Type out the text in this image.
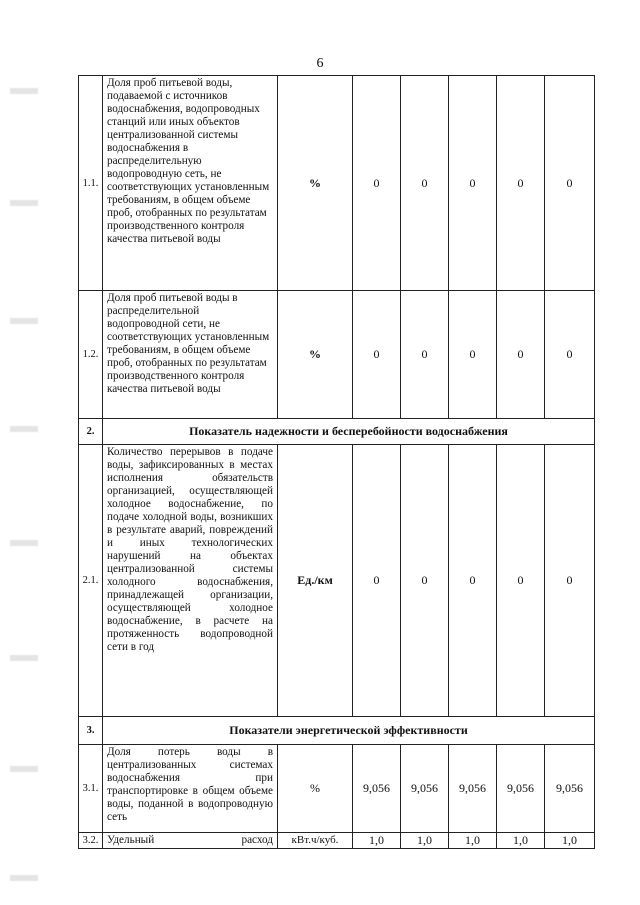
6
1.1.	Доля проб питьевой воды, подаваемой с источников водоснабжения, водопроводных станций или иных объектов централизованной системы водоснабжения в распределительную водопроводную сеть, не соответствующих установленным требованиям, в общем объеме проб, отобранных по результатам производственного контроля качества питьевой воды	%	0	0	0	0	0
1.2.	Доля проб питьевой воды в распределительной водопроводной сети, не соответствующих установленным требованиям, в общем объеме проб, отобранных по результатам производственного контроля качества питьевой воды	%	0	0	0	0	0
2.	Показатель надежности и бесперебойности водоснабжения						
2.1.	Количество перерывов в подаче воды, зафиксированных в местах исполнения обязательств организацией, осуществляющей холодное водоснабжение, по подаче холодной воды, возникших в результате аварий, повреждений и иных технологических нарушений на объектах централизованной системы холодного водоснабжения, принадлежащей организации, осуществляющей холодное водоснабжение, в расчете на протяженность водопроводной сети в год	Ед./км	0	0	0	0	0
3.	Показатели энергетической эффективности						
3.1.	Доля потерь воды в централизованных системах водоснабжения при транспортировке в общем объеме воды, поданной в водопроводную сеть	%	9,056	9,056	9,056	9,056	9,056
3.2.	Удельный расход	кВт.ч/куб.	1,0	1,0	1,0	1,0	1,0
